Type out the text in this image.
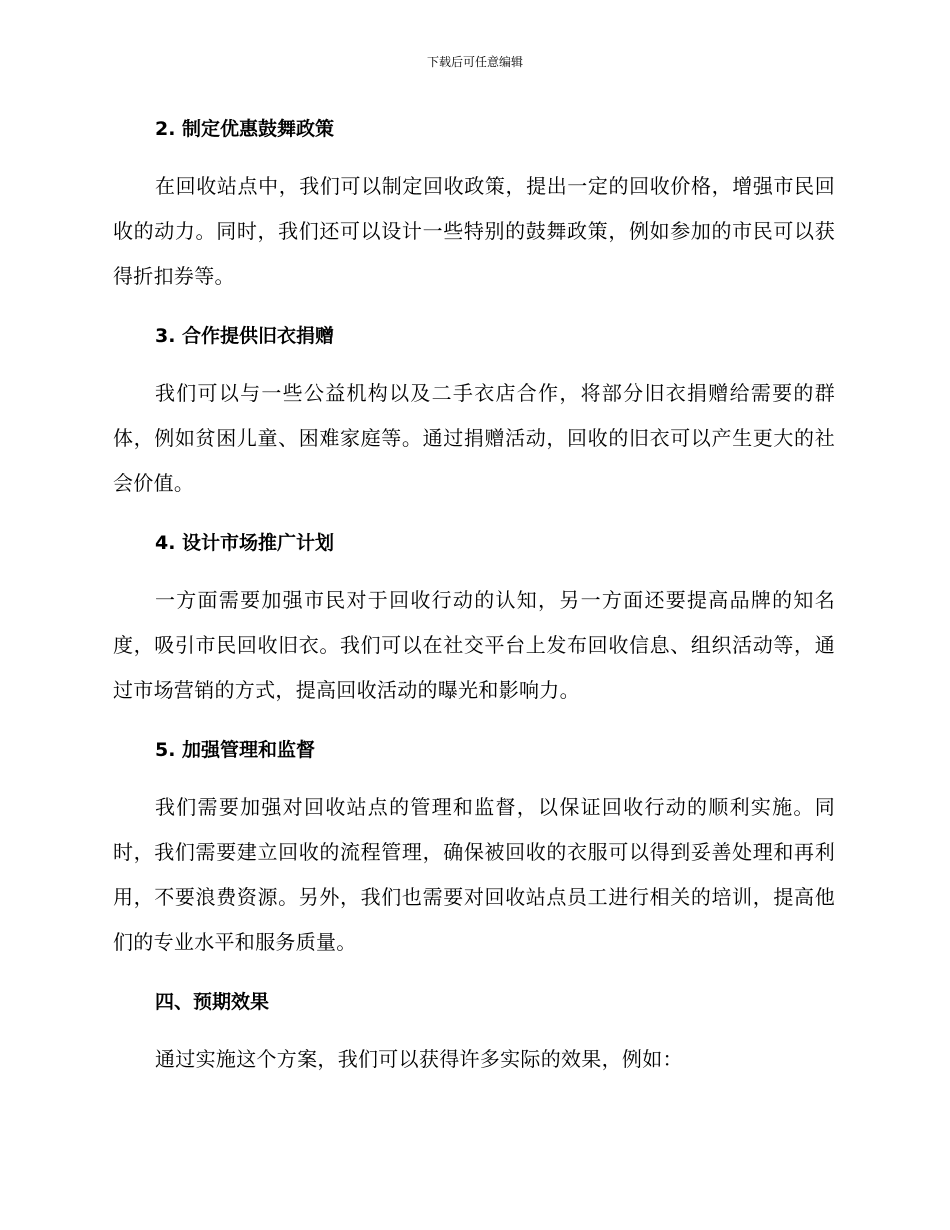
下载后可任意编辑
2. 制定优惠鼓舞政策

在回收站点中，我们可以制定回收政策，提出一定的回收价格，增强市民回收的动力。同时，我们还可以设计一些特别的鼓舞政策，例如参加的市民可以获得折扣券等。

3. 合作提供旧衣捐赠

我们可以与一些公益机构以及二手衣店合作，将部分旧衣捐赠给需要的群体，例如贫困儿童、困难家庭等。通过捐赠活动，回收的旧衣可以产生更大的社会价值。

4. 设计市场推广计划

一方面需要加强市民对于回收行动的认知，另一方面还要提高品牌的知名度，吸引市民回收旧衣。我们可以在社交平台上发布回收信息、组织活动等，通过市场营销的方式，提高回收活动的曝光和影响力。

5. 加强管理和监督

我们需要加强对回收站点的管理和监督，以保证回收行动的顺利实施。同时，我们需要建立回收的流程管理，确保被回收的衣服可以得到妥善处理和再利用，不要浪费资源。另外，我们也需要对回收站点员工进行相关的培训，提高他们的专业水平和服务质量。

四、预期效果

通过实施这个方案，我们可以获得许多实际的效果，例如：
